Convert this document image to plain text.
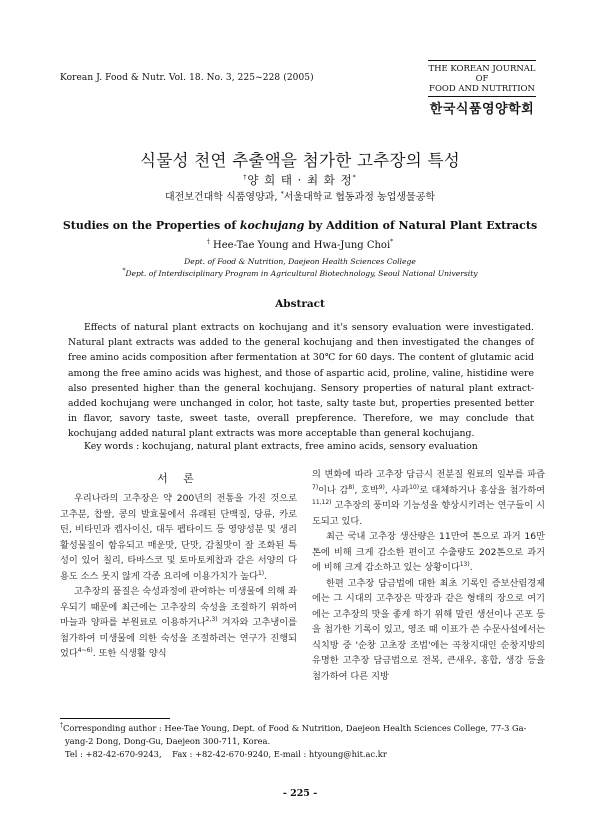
Korean J. Food & Nutr. Vol. 18. No. 3, 225~228 (2005)
THE KOREAN JOURNAL OF
FOOD AND NUTRITION
한국식품영양학회
식물성 천연 추출액을 첨가한 고추장의 특성
†양 희 태 · 최 화 정*
대전보건대학 식품영양과, *서울대학교 협동과정 농업생물공학
Studies on the Properties of kochujang by Addition of Natural Plant Extracts
† Hee-Tae Young and Hwa-Jung Choi*
Dept. of Food & Nutrition, Daejeon Health Sciences College
*Dept. of Interdisciplinary Program in Agricultural Biotechnology, Seoul National University
Abstract

Effects of natural plant extracts on kochujang and it's sensory evaluation were investigated. Natural plant extracts was added to the general kochujang and then investigated the changes of free amino acids composition after fermentation at 30℃ for 60 days. The content of glutamic acid among the free amino acids was highest, and those of aspartic acid, proline, valine, histidine were also presented higher than the general kochujang. Sensory properties of natural plant extract-added kochujang were unchanged in color, hot taste, salty taste but, properties presented better in flavor, savory taste, sweet taste, overall prepference. Therefore, we may conclude that kochujang added natural plant extracts was more acceptable than general kochujang.

Key words : kochujang, natural plant extracts, free amino acids, sensory evaluation
서 론

우리나라의 고추장은 약 200년의 전통을 가진 것으로 고추분, 찹쌀, 콩의 발효물에서 유래된 단백질, 당류, 카로틴, 비타민과 캡사이신, 대두 펩타이드 등 영양성분 및 생리활성물질이 함유되고 매운맛, 단맛, 감칠맛이 잘 조화된 특성이 있어 칠리, 타바스코 및 토마토케찹과 같은 서양의 다용도 소스 못지 않게 각종 요리에 이용가치가 높다$^{1)}$.

고추장의 품질은 숙성과정에 관여하는 미생물에 의해 좌우되기 때문에 최근에는 고추장의 숙성을 조절하기 위하여 마늘과 양파를 부원료로 이용하거나$^{2,3)}$ 겨자와 고추냉이를 첨가하여 미생물에 의한 숙성을 조절하려는 연구가 진행되었다$^{4\sim 6)}$. 또한 식생활 양식

의 변화에 따라 고추장 담금시 전분질 원료의 일부를 파즙$^{7)}$이나 감$^{8)}$, 호박$^{9)}$, 사과$^{10)}$로 대체하거나 홍삼을 첨가하여$^{11,12)}$ 고추장의 풍미와 기능성을 향상시키려는 연구들이 시도되고 있다.

최근 국내 고추장 생산량은 11만여 톤으로 과거 16만 톤에 비해 크게 감소한 편이고 수출량도 202톤으로 과거에 비해 크게 감소하고 있는 상황이다$^{13)}$.

한편 고추장 담금법에 대한 최초 기록인 증보산림경제에는 그 시대의 고추장은 막장과 같은 형태의 장으로 여기에는 고추장의 맛을 좋게 하기 위해 말린 생선이나 곤포 등을 첨가한 기록이 있고, 영조 때 이표가 쓴 수문사설에서는 식치방 중 '순창 고초장 조법'에는 곡창지대인 순창지방의 유명한 고추장 담금법으로 전복, 큰새우, 홍합, 생강 등을 첨가하여 다른 지방

†Corresponding author : Hee-Tae Young, Dept. of Food & Nutrition, Daejeon Health Sciences College, 77-3 Ga-

yang-2 Dong, Dong-Gu, Daejeon 300-711, Korea.

Tel : +82-42-670-9243,    Fax : +82-42-670-9240, E-mail : htyoung@hit.ac.kr

- 225 -
